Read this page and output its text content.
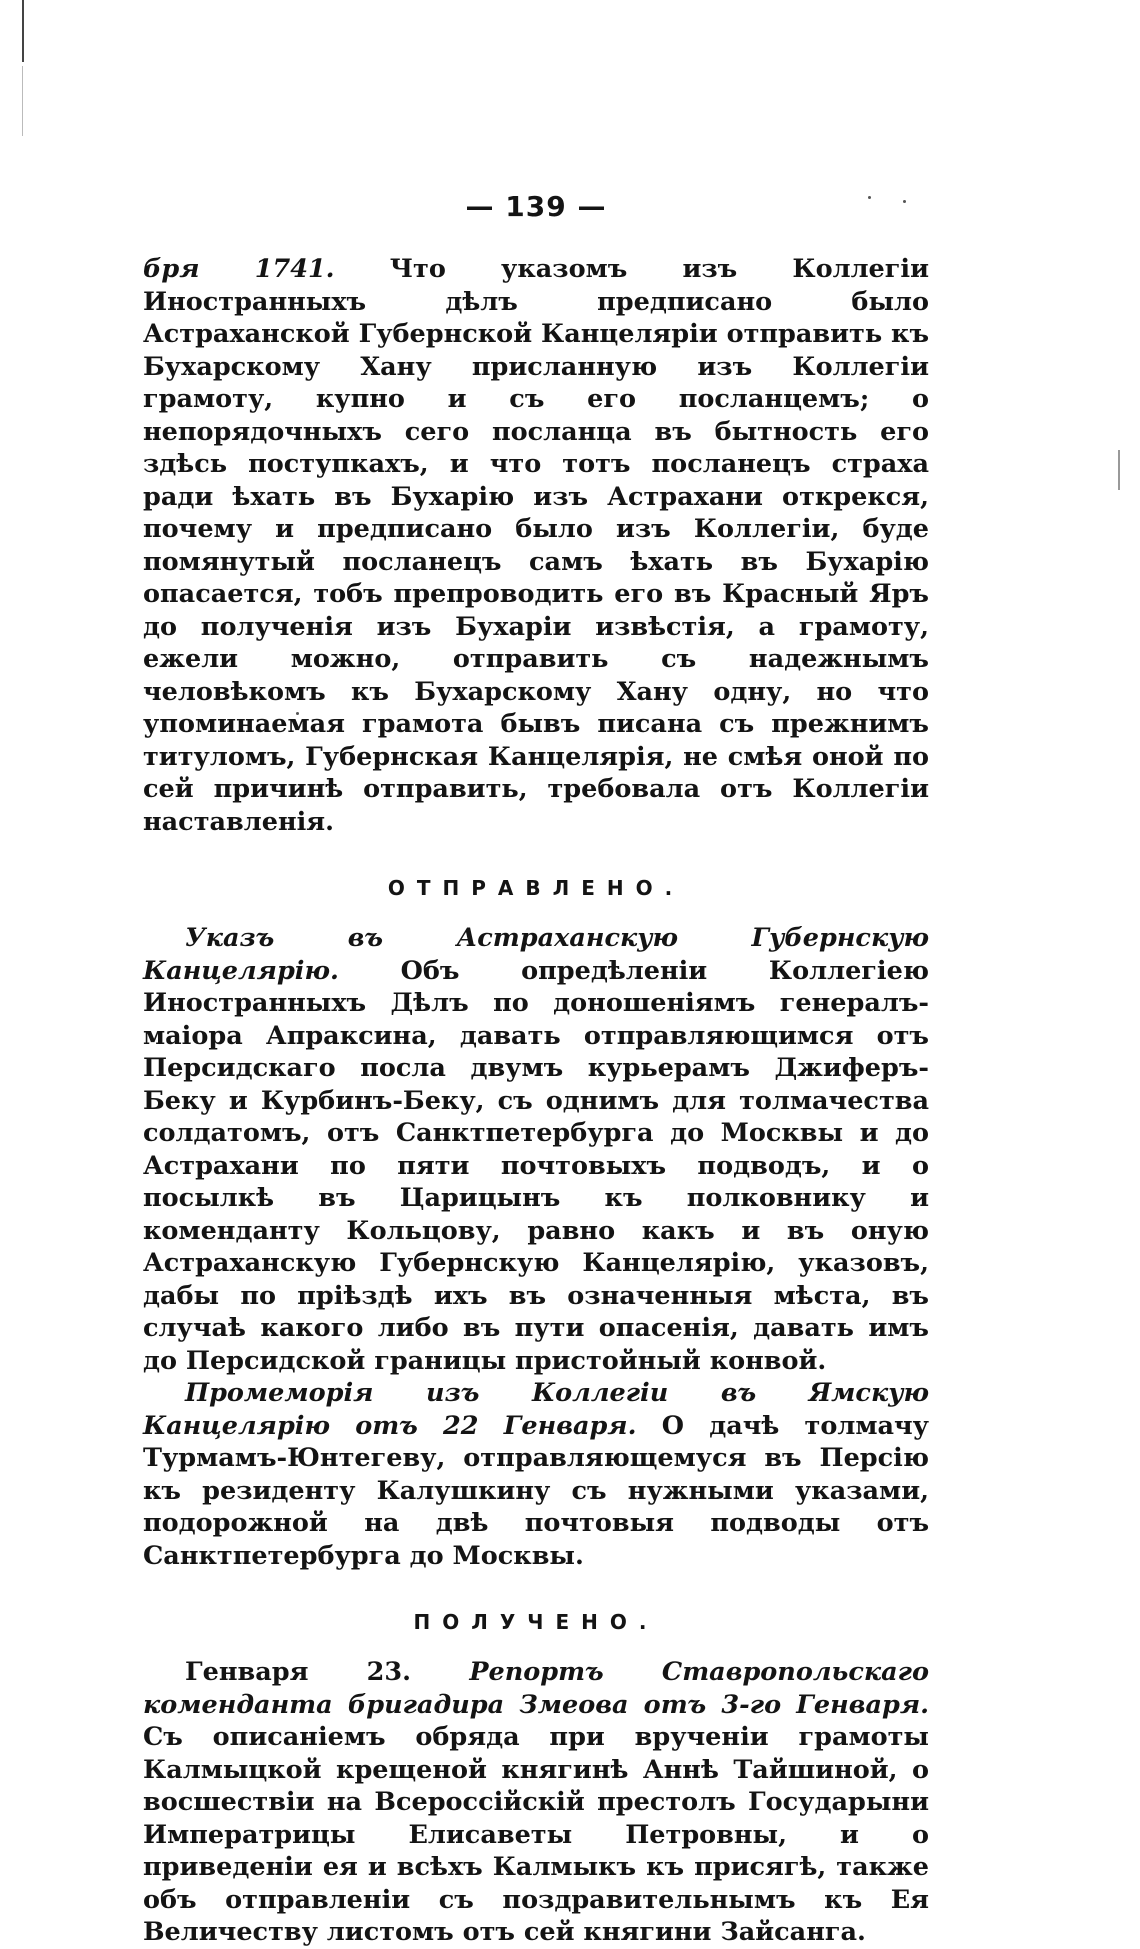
— 139 —

бря 1741. Что указомъ изъ Коллегіи Иностранныхъ дѣлъ предписано было Астраханской Губернской Канцеляріи отправить къ Бухарскому Хану присланную изъ Коллегіи грамоту, купно и съ его посланцемъ; о непорядочныхъ сего посланца въ бытность его здѣсь поступкахъ, и что тотъ посланецъ страха ради ѣхать въ Бухарію изъ Астрахани открекся, почему и предписано было изъ Коллегіи, буде помянутый посланецъ самъ ѣхать въ Бухарію опасается, тобъ препроводить его въ Красный Яръ до полученія изъ Бухаріи извѣстія, а грамоту, ежели можно, отправить съ надежнымъ человѣкомъ къ Бухарскому Хану одну, но что упоминаемая грамота бывъ писана съ прежнимъ титуломъ, Губернская Канцелярія, не смѣя оной по сей причинѣ отправить, требовала отъ Коллегіи наставленія.

ОТПРАВЛЕНО.

Указъ въ Астраханскую Губернскую Канцелярію. Объ опредѣленіи Коллегіею Иностранныхъ Дѣлъ по доношеніямъ генералъ-маіора Апраксина, давать отправляющимся отъ Персидскаго посла двумъ курьерамъ Джиферъ-Беку и Курбинъ-Беку, съ однимъ для толмачества солдатомъ, отъ Санктпетербурга до Москвы и до Астрахани по пяти почтовыхъ подводъ, и о посылкѣ въ Царицынъ къ полковнику и коменданту Кольцову, равно какъ и въ оную Астраханскую Губернскую Канцелярію, указовъ, дабы по пріѣздѣ ихъ въ означенныя мѣста, въ случаѣ какого либо въ пути опасенія, давать имъ до Персидской границы пристойный конвой.

Промеморія изъ Коллегіи въ Ямскую Канцелярію отъ 22 Генваря. О дачѣ толмачу Турмамъ-Юнтегеву, отправляющемуся въ Персію къ резиденту Калушкину съ нужными указами, подорожной на двѣ почтовыя подводы отъ Санктпетербурга до Москвы.

ПОЛУЧЕНО.

Генваря 23. Репортъ Ставропольскаго коменданта бригадира Змеова отъ 3-го Генваря. Съ описаніемъ обряда при врученіи грамоты Калмыцкой крещеной княгинѣ Аннѣ Тайшиной, о восшествіи на Всероссійскій престолъ Государыни Императрицы Елисаветы Петровны, и о приведеніи ея и всѣхъ Калмыкъ къ присягѣ, также объ отправленіи съ поздравительнымъ къ Ея Величеству листомъ отъ сей княгини Зайсанга.
